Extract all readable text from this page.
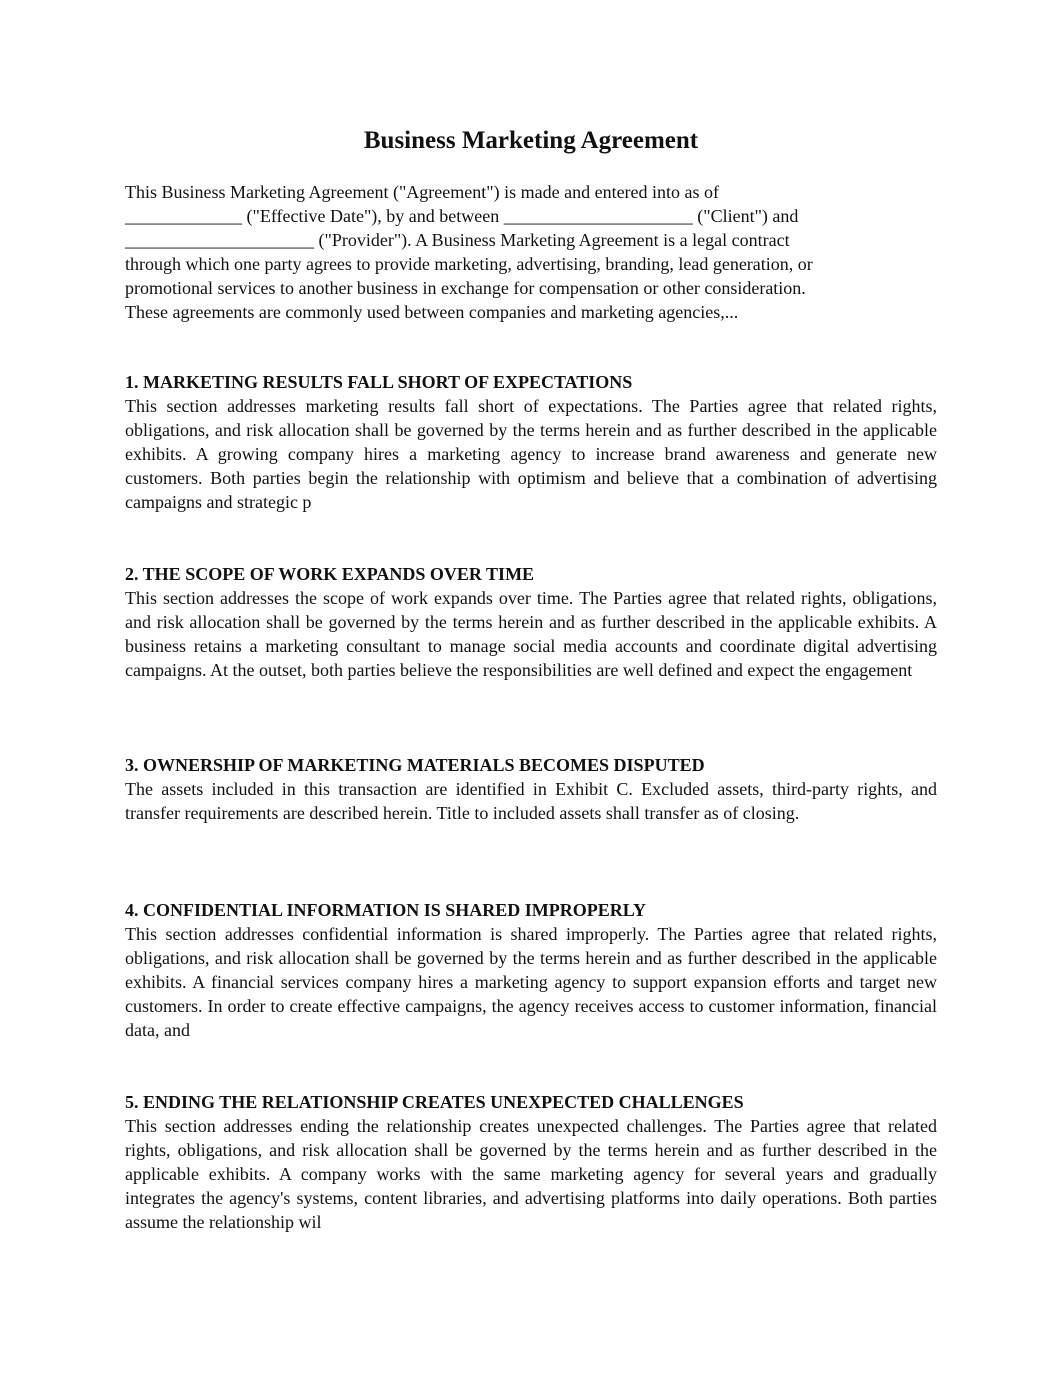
Business Marketing Agreement

This Business Marketing Agreement ("Agreement") is made and entered into as of
_____________ ("Effective Date"), by and between _____________________ ("Client") and
_____________________ ("Provider"). A Business Marketing Agreement is a legal contract
through which one party agrees to provide marketing, advertising, branding, lead generation, or
promotional services to another business in exchange for compensation or other consideration.
These agreements are commonly used between companies and marketing agencies,...

1. MARKETING RESULTS FALL SHORT OF EXPECTATIONS

This section addresses marketing results fall short of expectations. The Parties agree that related rights, obligations, and risk allocation shall be governed by the terms herein and as further described in the applicable exhibits. A growing company hires a marketing agency to increase brand awareness and generate new customers. Both parties begin the relationship with optimism and believe that a combination of advertising campaigns and strategic p

2. THE SCOPE OF WORK EXPANDS OVER TIME

This section addresses the scope of work expands over time. The Parties agree that related rights, obligations, and risk allocation shall be governed by the terms herein and as further described in the applicable exhibits. A business retains a marketing consultant to manage social media accounts and coordinate digital advertising campaigns. At the outset, both parties believe the responsibilities are well defined and expect the engagement

3. OWNERSHIP OF MARKETING MATERIALS BECOMES DISPUTED

The assets included in this transaction are identified in Exhibit C. Excluded assets, third-party rights, and transfer requirements are described herein. Title to included assets shall transfer as of closing.

4. CONFIDENTIAL INFORMATION IS SHARED IMPROPERLY

This section addresses confidential information is shared improperly. The Parties agree that related rights, obligations, and risk allocation shall be governed by the terms herein and as further described in the applicable exhibits. A financial services company hires a marketing agency to support expansion efforts and target new customers. In order to create effective campaigns, the agency receives access to customer information, financial data, and

5. ENDING THE RELATIONSHIP CREATES UNEXPECTED CHALLENGES

This section addresses ending the relationship creates unexpected challenges. The Parties agree that related rights, obligations, and risk allocation shall be governed by the terms herein and as further described in the applicable exhibits. A company works with the same marketing agency for several years and gradually integrates the agency's systems, content libraries, and advertising platforms into daily operations. Both parties assume the relationship wil
